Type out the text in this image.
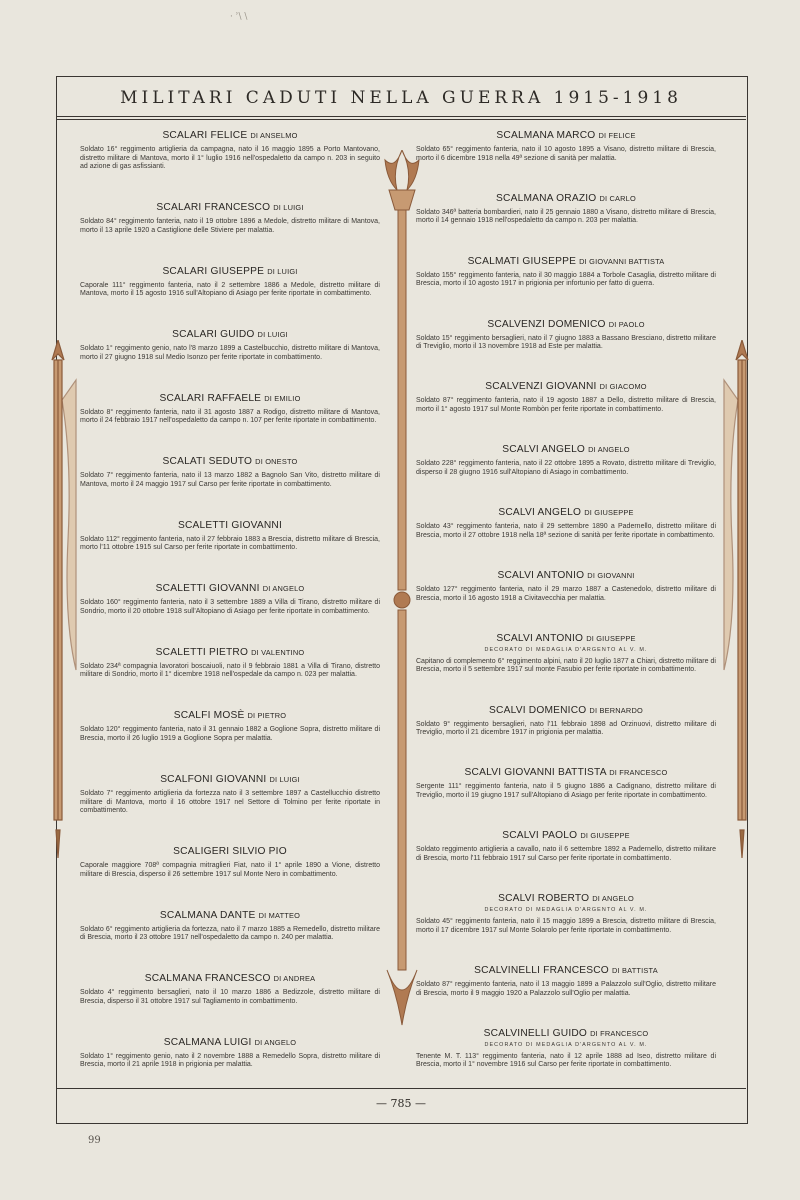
· ʾ\ \
MILITARI CADUTI NELLA GUERRA 1915-1918
SCALARI FELICE DI ANSELMO
Soldato 16° reggimento artiglieria da campagna, nato il 16 maggio 1895 a Porto Mantovano, distretto militare di Mantova, morto il 1° luglio 1916 nell'ospedaletto da campo n. 203 in seguito ad azione di gas asfissianti.
SCALARI FRANCESCO DI LUIGI
Soldato 84° reggimento fanteria, nato il 19 ottobre 1896 a Medole, distretto militare di Mantova, morto il 13 aprile 1920 a Castiglione delle Stiviere per malattia.
SCALARI GIUSEPPE DI LUIGI
Caporale 111° reggimento fanteria, nato il 2 settembre 1886 a Medole, distretto militare di Mantova, morto il 15 agosto 1916 sull'Altopiano di Asiago per ferite riportate in combattimento.
SCALARI GUIDO DI LUIGI
Soldato 1° reggimento genio, nato l'8 marzo 1899 a Castelbucchio, distretto militare di Mantova, morto il 27 giugno 1918 sul Medio Isonzo per ferite riportate in combattimento.
SCALARI RAFFAELE DI EMILIO
Soldato 8° reggimento fanteria, nato il 31 agosto 1887 a Rodigo, distretto militare di Mantova, morto il 24 febbraio 1917 nell'ospedaletto da campo n. 107 per ferite riportate in combattimento.
SCALATI SEDUTO DI ONESTO
Soldato 7° reggimento fanteria, nato il 13 marzo 1882 a Bagnolo San Vito, distretto militare di Mantova, morto il 24 maggio 1917 sul Carso per ferite riportate in combattimento.
SCALETTI GIOVANNI
Soldato 112° reggimento fanteria, nato il 27 febbraio 1883 a Brescia, distretto militare di Brescia, morto l'11 ottobre 1915 sul Carso per ferite riportate in combattimento.
SCALETTI GIOVANNI DI ANGELO
Soldato 160° reggimento fanteria, nato il 3 settembre 1889 a Villa di Tirano, distretto militare di Sondrio, morto il 20 ottobre 1918 sull'Altopiano di Asiago per ferite riportate in combattimento.
SCALETTI PIETRO DI VALENTINO
Soldato 234ª compagnia lavoratori boscaiuoli, nato il 9 febbraio 1881 a Villa di Tirano, distretto militare di Sondrio, morto il 1° dicembre 1918 nell'ospedale da campo n. 023 per malattia.
SCALFI MOSÈ DI PIETRO
Soldato 120° reggimento fanteria, nato il 31 gennaio 1882 a Goglione Sopra, distretto militare di Brescia, morto il 26 luglio 1919 a Goglione Sopra per malattia.
SCALFONI GIOVANNI DI LUIGI
Soldato 7° reggimento artiglieria da fortezza nato il 3 settembre 1897 a Castellucchio distretto militare di Mantova, morto il 16 ottobre 1917 nel Settore di Tolmino per ferite riportate in combattimento.
SCALIGERI SILVIO PIO
Caporale maggiore 708ª compagnia mitraglieri Fiat, nato il 1° aprile 1890 a Vione, distretto militare di Brescia, disperso il 26 settembre 1917 sul Monte Nero in combattimento.
SCALMANA DANTE DI MATTEO
Soldato 6° reggimento artiglieria da fortezza, nato il 7 marzo 1885 a Remedello, distretto militare di Brescia, morto il 23 ottobre 1917 nell'ospedaletto da campo n. 240 per malattia.
SCALMANA FRANCESCO DI ANDREA
Soldato 4° reggimento bersaglieri, nato il 10 marzo 1886 a Bedizzole, distretto militare di Brescia, disperso il 31 ottobre 1917 sul Tagliamento in combattimento.
SCALMANA LUIGI DI ANGELO
Soldato 1° reggimento genio, nato il 2 novembre 1888 a Remedello Sopra, distretto militare di Brescia, morto il 21 aprile 1918 in prigionia per malattia.
SCALMANA MARCO DI FELICE
Soldato 65° reggimento fanteria, nato il 10 agosto 1895 a Visano, distretto militare di Brescia, morto il 6 dicembre 1918 nella 49ª sezione di sanità per malattia.
SCALMANA ORAZIO DI CARLO
Soldato 346ª batteria bombardieri, nato il 25 gennaio 1880 a Visano, distretto militare di Brescia, morto il 14 gennaio 1918 nell'ospedaletto da campo n. 203 per malattia.
SCALMATI GIUSEPPE DI GIOVANNI BATTISTA
Soldato 155° reggimento fanteria, nato il 30 maggio 1884 a Torbole Casaglia, distretto militare di Brescia, morto il 10 agosto 1917 in prigionia per infortunio per fatto di guerra.
SCALVENZI DOMENICO DI PAOLO
Soldato 15° reggimento bersaglieri, nato il 7 giugno 1883 a Bassano Bresciano, distretto militare di Treviglio, morto il 13 novembre 1918 ad Este per malattia.
SCALVENZI GIOVANNI DI GIACOMO
Soldato 87° reggimento fanteria, nato il 19 agosto 1887 a Dello, distretto militare di Brescia, morto il 1° agosto 1917 sul Monte Rombòn per ferite riportate in combattimento.
SCALVI ANGELO DI ANGELO
Soldato 228° reggimento fanteria, nato il 22 ottobre 1895 a Rovato, distretto militare di Treviglio, disperso il 28 giugno 1916 sull'Altopiano di Asiago in combattimento.
SCALVI ANGELO DI GIUSEPPE
Soldato 43° reggimento fanteria, nato il 29 settembre 1890 a Padernello, distretto militare di Brescia, morto il 27 ottobre 1918 nella 18ª sezione di sanità per ferite riportate in combattimento.
SCALVI ANTONIO DI GIOVANNI
Soldato 127° reggimento fanteria, nato il 29 marzo 1887 a Castenedolo, distretto militare di Brescia, morto il 16 agosto 1918 a Civitavecchia per malattia.
SCALVI ANTONIO DI GIUSEPPE
DECORATO DI MEDAGLIA D'ARGENTO AL V. M.
Capitano di complemento 6° reggimento alpini, nato il 20 luglio 1877 a Chiari, distretto militare di Brescia, morto il 5 settembre 1917 sul monte Fasubio per ferite riportate in combattimento.
SCALVI DOMENICO DI BERNARDO
Soldato 9° reggimento bersaglieri, nato l'11 febbraio 1898 ad Orzinuovi, distretto militare di Treviglio, morto il 21 dicembre 1917 in prigionia per malattia.
SCALVI GIOVANNI BATTISTA DI FRANCESCO
Sergente 111° reggimento fanteria, nato il 5 giugno 1886 a Cadignano, distretto militare di Treviglio, morto il 19 giugno 1917 sull'Altopiano di Asiago per ferite riportate in combattimento.
SCALVI PAOLO DI GIUSEPPE
Soldato reggimento artiglieria a cavallo, nato il 6 settembre 1892 a Padernello, distretto militare di Brescia, morto l'11 febbraio 1917 sul Carso per ferite riportate in combattimento.
SCALVI ROBERTO DI ANGELO
DECORATO DI MEDAGLIA D'ARGENTO AL V. M.
Soldato 45° reggimento fanteria, nato il 15 maggio 1899 a Brescia, distretto militare di Brescia, morto il 17 dicembre 1917 sul Monte Solarolo per ferite riportate in combattimento.
SCALVINELLI FRANCESCO DI BATTISTA
Soldato 87° reggimento fanteria, nato il 13 maggio 1899 a Palazzolo sull'Oglio, distretto militare di Brescia, morto il 9 maggio 1920 a Palazzolo sull'Oglio per malattia.
SCALVINELLI GUIDO DI FRANCESCO
DECORATO DI MEDAGLIA D'ARGENTO AL V. M.
Tenente M. T. 113° reggimento fanteria, nato il 12 aprile 1888 ad Iseo, distretto militare di Brescia, morto il 1° novembre 1916 sul Carso per ferite riportate in combattimento.
— 785 —
99
